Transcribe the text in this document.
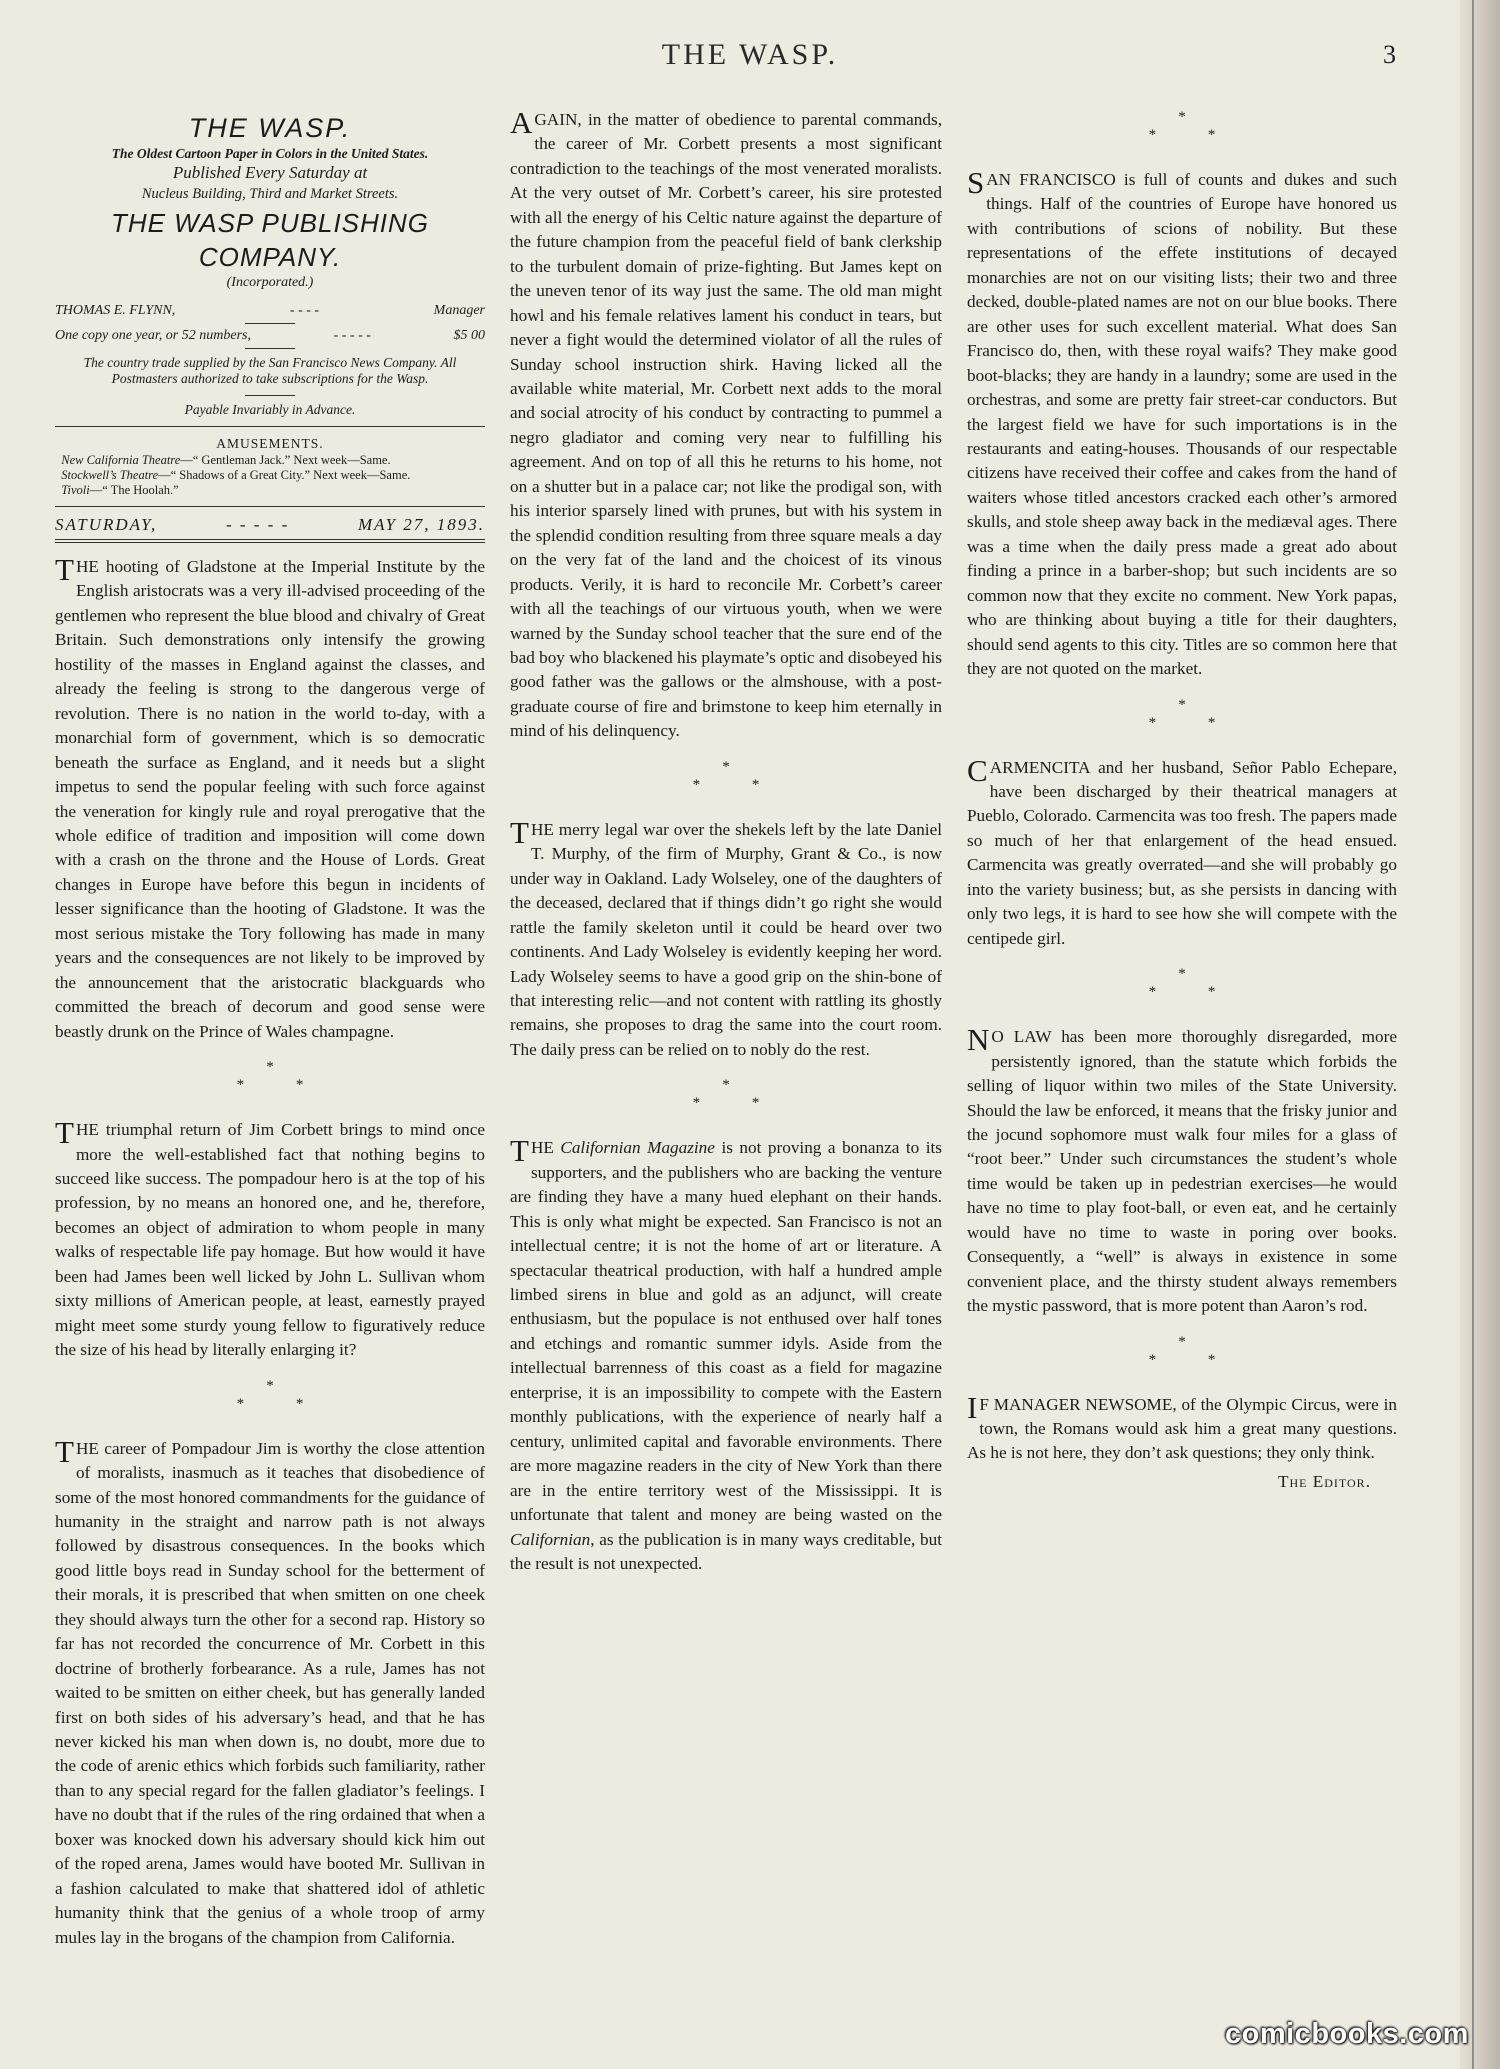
THE WASP.	3
THE WASP.
The Oldest Cartoon Paper in Colors in the United States.
Published Every Saturday at
Nucleus Building, Third and Market Streets.
THE WASP PUBLISHING COMPANY.
(Incorporated.)
THOMAS E. FLYNN,	- - - -	Manager
One copy one year, or 52 numbers,	- - - - -	$5 00
The country trade supplied by the San Francisco News Company. All Postmasters authorized to take subscriptions for the Wasp.
Payable Invariably in Advance.
AMUSEMENTS.
New California Theatre—“ Gentleman Jack.” Next week—Same.
Stockwell’s Theatre—“ Shadows of a Great City.” Next week—Same.
Tivoli—“ The Hoolah.”
SATURDAY,	- - - - -	MAY 27, 1893.

THE hooting of Gladstone at the Imperial Institute by the English aristocrats was a very ill-advised proceeding of the gentlemen who represent the blue blood and chivalry of Great Britain. Such demonstrations only intensify the growing hostility of the masses in England against the classes, and already the feeling is strong to the dangerous verge of revolution. There is no nation in the world to-day, with a monarchial form of government, which is so democratic beneath the surface as England, and it needs but a slight impetus to send the popular feeling with such force against the veneration for kingly rule and royal prerogative that the whole edifice of tradition and imposition will come down with a crash on the throne and the House of Lords. Great changes in Europe have before this begun in incidents of lesser significance than the hooting of Gladstone. It was the most serious mistake the Tory following has made in many years and the consequences are not likely to be improved by the announcement that the aristocratic blackguards who committed the breach of decorum and good sense were beastly drunk on the Prince of Wales champagne.

*
* *

THE triumphal return of Jim Corbett brings to mind once more the well-established fact that nothing begins to succeed like success. The pompadour hero is at the top of his profession, by no means an honored one, and he, therefore, becomes an object of admiration to whom people in many walks of respectable life pay homage. But how would it have been had James been well licked by John L. Sullivan whom sixty millions of American people, at least, earnestly prayed might meet some sturdy young fellow to figuratively reduce the size of his head by literally enlarging it?

*
* *

THE career of Pompadour Jim is worthy the close attention of moralists, inasmuch as it teaches that disobedience of some of the most honored commandments for the guidance of humanity in the straight and narrow path is not always followed by disastrous consequences. In the books which good little boys read in Sunday school for the betterment of their morals, it is prescribed that when smitten on one cheek they should always turn the other for a second rap. History so far has not recorded the concurrence of Mr. Corbett in this doctrine of brotherly forbearance. As a rule, James has not waited to be smitten on either cheek, but has generally landed first on both sides of his adversary’s head, and that he has never kicked his man when down is, no doubt, more due to the code of arenic ethics which forbids such familiarity, rather than to any special regard for the fallen gladiator’s feelings. I have no doubt that if the rules of the ring ordained that when a boxer was knocked down his adversary should kick him out of the roped arena, James would have booted Mr. Sullivan in a fashion calculated to make that shattered idol of athletic humanity think that the genius of a whole troop of army mules lay in the brogans of the champion from California.

AGAIN, in the matter of obedience to parental commands, the career of Mr. Corbett presents a most significant contradiction to the teachings of the most venerated moralists. At the very outset of Mr. Corbett’s career, his sire protested with all the energy of his Celtic nature against the departure of the future champion from the peaceful field of bank clerkship to the turbulent domain of prize-fighting. But James kept on the uneven tenor of its way just the same. The old man might howl and his female relatives lament his conduct in tears, but never a fight would the determined violator of all the rules of Sunday school instruction shirk. Having licked all the available white material, Mr. Corbett next adds to the moral and social atrocity of his conduct by contracting to pummel a negro gladiator and coming very near to fulfilling his agreement. And on top of all this he returns to his home, not on a shutter but in a palace car; not like the prodigal son, with his interior sparsely lined with prunes, but with his system in the splendid condition resulting from three square meals a day on the very fat of the land and the choicest of its vinous products. Verily, it is hard to reconcile Mr. Corbett’s career with all the teachings of our virtuous youth, when we were warned by the Sunday school teacher that the sure end of the bad boy who blackened his playmate’s optic and disobeyed his good father was the gallows or the almshouse, with a post-graduate course of fire and brimstone to keep him eternally in mind of his delinquency.

*
* *

THE merry legal war over the shekels left by the late Daniel T. Murphy, of the firm of Murphy, Grant & Co., is now under way in Oakland. Lady Wolseley, one of the daughters of the deceased, declared that if things didn’t go right she would rattle the family skeleton until it could be heard over two continents. And Lady Wolseley is evidently keeping her word. Lady Wolseley seems to have a good grip on the shin-bone of that interesting relic—and not content with rattling its ghostly remains, she proposes to drag the same into the court room. The daily press can be relied on to nobly do the rest.

*
* *

THE Californian Magazine is not proving a bonanza to its supporters, and the publishers who are backing the venture are finding they have a many hued elephant on their hands. This is only what might be expected. San Francisco is not an intellectual centre; it is not the home of art or literature. A spectacular theatrical production, with half a hundred ample limbed sirens in blue and gold as an adjunct, will create enthusiasm, but the populace is not enthused over half tones and etchings and romantic summer idyls. Aside from the intellectual barrenness of this coast as a field for magazine enterprise, it is an impossibility to compete with the Eastern monthly publications, with the experience of nearly half a century, unlimited capital and favorable environments. There are more magazine readers in the city of New York than there are in the entire territory west of the Mississippi. It is unfortunate that talent and money are being wasted on the Californian, as the publication is in many ways creditable, but the result is not unexpected.

*
* *

SAN FRANCISCO is full of counts and dukes and such things. Half of the countries of Europe have honored us with contributions of scions of nobility. But these representations of the effete institutions of decayed monarchies are not on our visiting lists; their two and three decked, double-plated names are not on our blue books. There are other uses for such excellent material. What does San Francisco do, then, with these royal waifs? They make good boot-blacks; they are handy in a laundry; some are used in the orchestras, and some are pretty fair street-car conductors. But the largest field we have for such importations is in the restaurants and eating-houses. Thousands of our respectable citizens have received their coffee and cakes from the hand of waiters whose titled ancestors cracked each other’s armored skulls, and stole sheep away back in the mediæval ages. There was a time when the daily press made a great ado about finding a prince in a barber-shop; but such incidents are so common now that they excite no comment. New York papas, who are thinking about buying a title for their daughters, should send agents to this city. Titles are so common here that they are not quoted on the market.

*
* *

CARMENCITA and her husband, Señor Pablo Echepare, have been discharged by their theatrical managers at Pueblo, Colorado. Carmencita was too fresh. The papers made so much of her that enlargement of the head ensued. Carmencita was greatly overrated—and she will probably go into the variety business; but, as she persists in dancing with only two legs, it is hard to see how she will compete with the centipede girl.

*
* *

N O LAW has been more thoroughly disregarded, more persistently ignored, than the statute which forbids the selling of liquor within two miles of the State University. Should the law be enforced, it means that the frisky junior and the jocund sophomore must walk four miles for a glass of “root beer.” Under such circumstances the student’s whole time would be taken up in pedestrian exercises—he would have no time to play foot-ball, or even eat, and he certainly would have no time to waste in poring over books. Consequently, a “well” is always in existence in some convenient place, and the thirsty student always remembers the mystic password, that is more potent than Aaron’s rod.

*
* *

I F MANAGER NEWSOME, of the Olympic Circus, were in town, the Romans would ask him a great many questions. As he is not here, they don’t ask questions; they only think.

The Editor.
comicbooks.com
